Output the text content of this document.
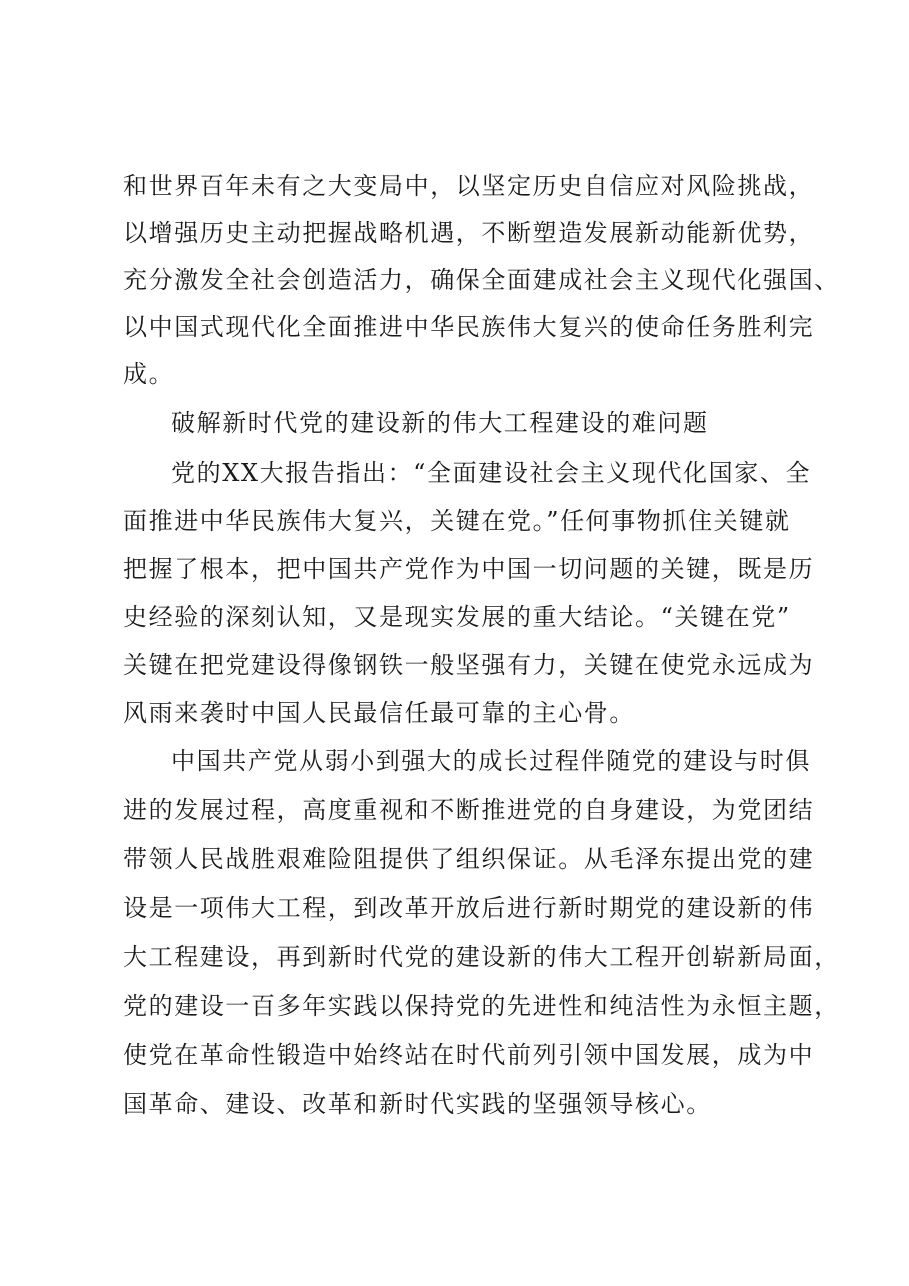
和世界百年未有之大变局中，以坚定历史自信应对风险挑战，
以增强历史主动把握战略机遇，不断塑造发展新动能新优势，
充分激发全社会创造活力，确保全面建成社会主义现代化强国、
以中国式现代化全面推进中华民族伟大复兴的使命任务胜利完
成。
破解新时代党的建设新的伟大工程建设的难问题
党的XX大报告指出：“全面建设社会主义现代化国家、全
面推进中华民族伟大复兴，关键在党。”任何事物抓住关键就
把握了根本，把中国共产党作为中国一切问题的关键，既是历
史经验的深刻认知，又是现实发展的重大结论。“关键在党”
关键在把党建设得像钢铁一般坚强有力，关键在使党永远成为
风雨来袭时中国人民最信任最可靠的主心骨。
中国共产党从弱小到强大的成长过程伴随党的建设与时俱
进的发展过程，高度重视和不断推进党的自身建设，为党团结
带领人民战胜艰难险阻提供了组织保证。从毛泽东提出党的建
设是一项伟大工程，到改革开放后进行新时期党的建设新的伟
大工程建设，再到新时代党的建设新的伟大工程开创崭新局面，
党的建设一百多年实践以保持党的先进性和纯洁性为永恒主题，
使党在革命性锻造中始终站在时代前列引领中国发展，成为中
国革命、建设、改革和新时代实践的坚强领导核心。
